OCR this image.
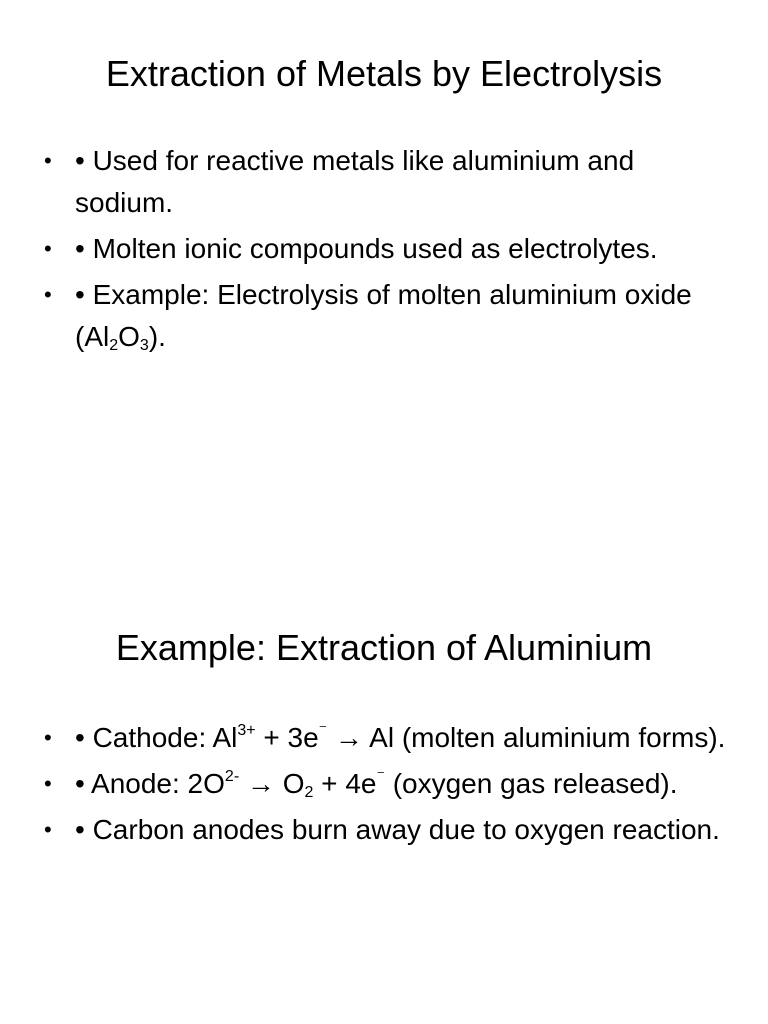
Extraction of Metals by Electrolysis
• • Used for reactive metals like aluminium and sodium.
• • Molten ionic compounds used as electrolytes.
• • Example: Electrolysis of molten aluminium oxide $(Al_2O_3)$.
Example: Extraction of Aluminium
• • Cathode: $Al^{3+} + 3e^{^-} \to Al$ (molten aluminium forms).
• • Anode: $2O^{2-} \to O_2 + 4e^{^-}$ (oxygen gas released).
• • Carbon anodes burn away due to oxygen reaction.
